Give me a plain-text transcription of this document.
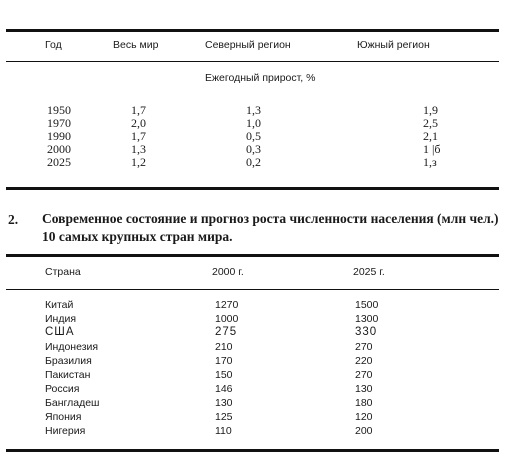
Год	Весь мир	Северный регион	Южный регион
Ежегодный прирост, %
1950	1,7	1,3	1,9
1970	2,0	1,0	2,5
1990	1,7	0,5	2,1
2000	1,3	0,3	1 |б
2025	1,2	0,2	1,з
2. Современное состояние и прогноз роста численности населения (млн чел.) 10 самых крупных стран мира.
Страна	2000 г.	2025 г.
Китай	1270	1500
Индия	1000	1300
США	275	330
Индонезия	210	270
Бразилия	170	220
Пакистан	150	270
Россия	146	130
Бангладеш	130	180
Япония	125	120
Нигерия	110	200
